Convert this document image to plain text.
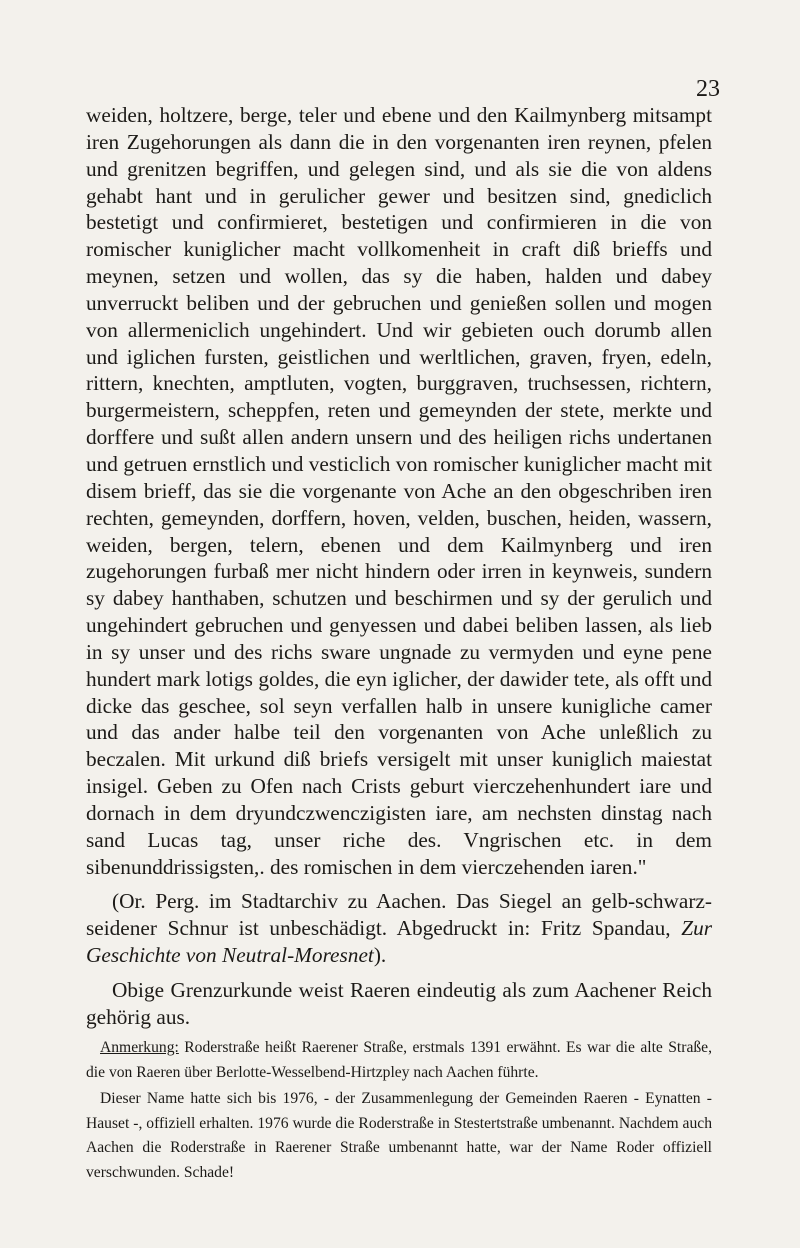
23

weiden, holtzere, berge, teler und ebene und den Kailmynberg mitsampt iren Zugehorungen als dann die in den vorgenanten iren reynen, pfelen und grenitzen begriffen, und gelegen sind, und als sie die von aldens gehabt hant und in gerulicher gewer und besitzen sind, gnediclich bestetigt und confirmieret, bestetigen und confirmieren in die von romischer kuniglicher macht vollkomenheit in craft diß brieffs und meynen, setzen und wollen, das sy die haben, halden und dabey unverruckt beliben und der gebruchen und genießen sollen und mogen von allermeniclich ungehindert. Und wir gebieten ouch dorumb allen und iglichen fursten, geistlichen und werltlichen, graven, fryen, edeln, rittern, knechten, amptluten, vogten, burggraven, truchsessen, richtern, burgermeistern, scheppfen, reten und gemeynden der stete, merkte und dorffere und sußt allen andern unsern und des heiligen richs undertanen und getruen ernstlich und vesticlich von romischer kuniglicher macht mit disem brieff, das sie die vorgenante von Ache an den obgeschriben iren rechten, gemeynden, dorffern, hoven, velden, buschen, heiden, wassern, weiden, bergen, telern, ebenen und dem Kailmynberg und iren zugehorungen furbaß mer nicht hindern oder irren in keynweis, sundern sy dabey hanthaben, schutzen und beschirmen und sy der gerulich und ungehindert gebruchen und genyessen und dabei beliben lassen, als lieb in sy unser und des richs sware ungnade zu vermyden und eyne pene hundert mark lotigs goldes, die eyn iglicher, der dawider tete, als offt und dicke das geschee, sol seyn verfallen halb in unsere kunigliche camer und das ander halbe teil den vorgenanten von Ache unleßlich zu beczalen. Mit urkund diß briefs versigelt mit unser kuniglich maiestat insigel. Geben zu Ofen nach Crists geburt vierczehenhundert iare und dornach in dem dryundczwenczigisten iare, am nechsten dinstag nach sand Lucas tag, unser riche des. Vngrischen etc. in dem sibenunddrissigsten,. des romischen in dem vierczehenden iaren."

(Or. Perg. im Stadtarchiv zu Aachen. Das Siegel an gelb-schwarz-seidener Schnur ist unbeschädigt. Abgedruckt in: Fritz Spandau, Zur Geschichte von Neutral-Moresnet).

Obige Grenzurkunde weist Raeren eindeutig als zum Aachener Reich gehörig aus.

Anmerkung: Roderstraße heißt Raerener Straße, erstmals 1391 erwähnt. Es war die alte Straße, die von Raeren über Berlotte-Wesselbend-Hirtzpley nach Aachen führte.

Dieser Name hatte sich bis 1976, - der Zusammenlegung der Gemeinden Raeren - Eynatten - Hauset -, offiziell erhalten. 1976 wurde die Roderstraße in Stestertstraße umbenannt. Nachdem auch Aachen die Roderstraße in Raerener Straße umbenannt hatte, war der Name Roder offiziell verschwunden. Schade!
